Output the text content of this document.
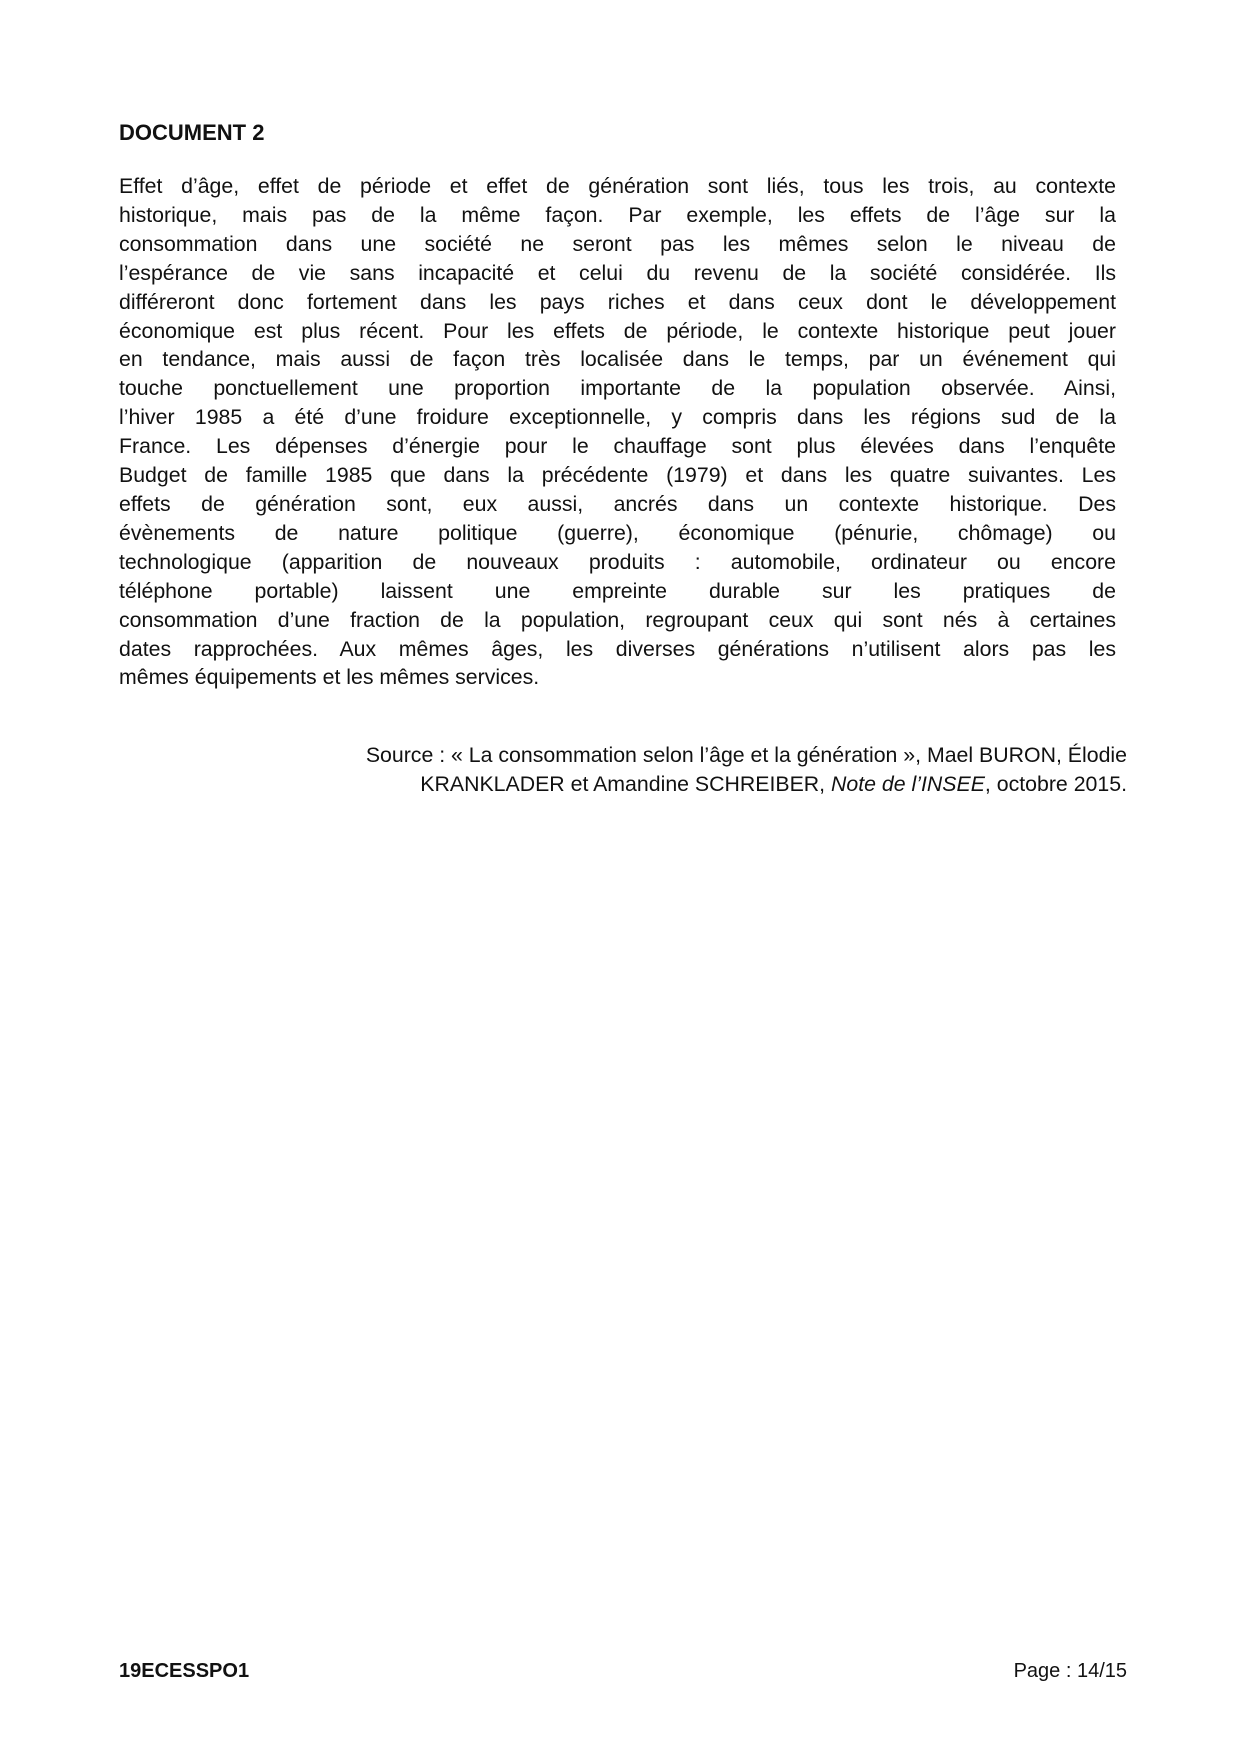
DOCUMENT 2
Effet d’âge, effet de période et effet de génération sont liés, tous les trois, au contexte
historique, mais pas de la même façon. Par exemple, les effets de l’âge sur la
consommation dans une société ne seront pas les mêmes selon le niveau de
l’espérance de vie sans incapacité et celui du revenu de la société considérée. Ils
différeront donc fortement dans les pays riches et dans ceux dont le développement
économique est plus récent. Pour les effets de période, le contexte historique peut jouer
en tendance, mais aussi de façon très localisée dans le temps, par un événement qui
touche ponctuellement une proportion importante de la population observée. Ainsi,
l’hiver 1985 a été d’une froidure exceptionnelle, y compris dans les régions sud de la
France. Les dépenses d’énergie pour le chauffage sont plus élevées dans l’enquête
Budget de famille 1985 que dans la précédente (1979) et dans les quatre suivantes. Les
effets de génération sont, eux aussi, ancrés dans un contexte historique. Des
évènements de nature politique (guerre), économique (pénurie, chômage) ou
technologique (apparition de nouveaux produits : automobile, ordinateur ou encore
téléphone portable) laissent une empreinte durable sur les pratiques de
consommation d’une fraction de la population, regroupant ceux qui sont nés à certaines
dates rapprochées. Aux mêmes âges, les diverses générations n’utilisent alors pas les
mêmes équipements et les mêmes services.
Source : « La consommation selon l’âge et la génération », Mael BURON, Élodie
KRANKLADER et Amandine SCHREIBER, Note de l’INSEE, octobre 2015.
19ECESSPO1	Page : 14/15
